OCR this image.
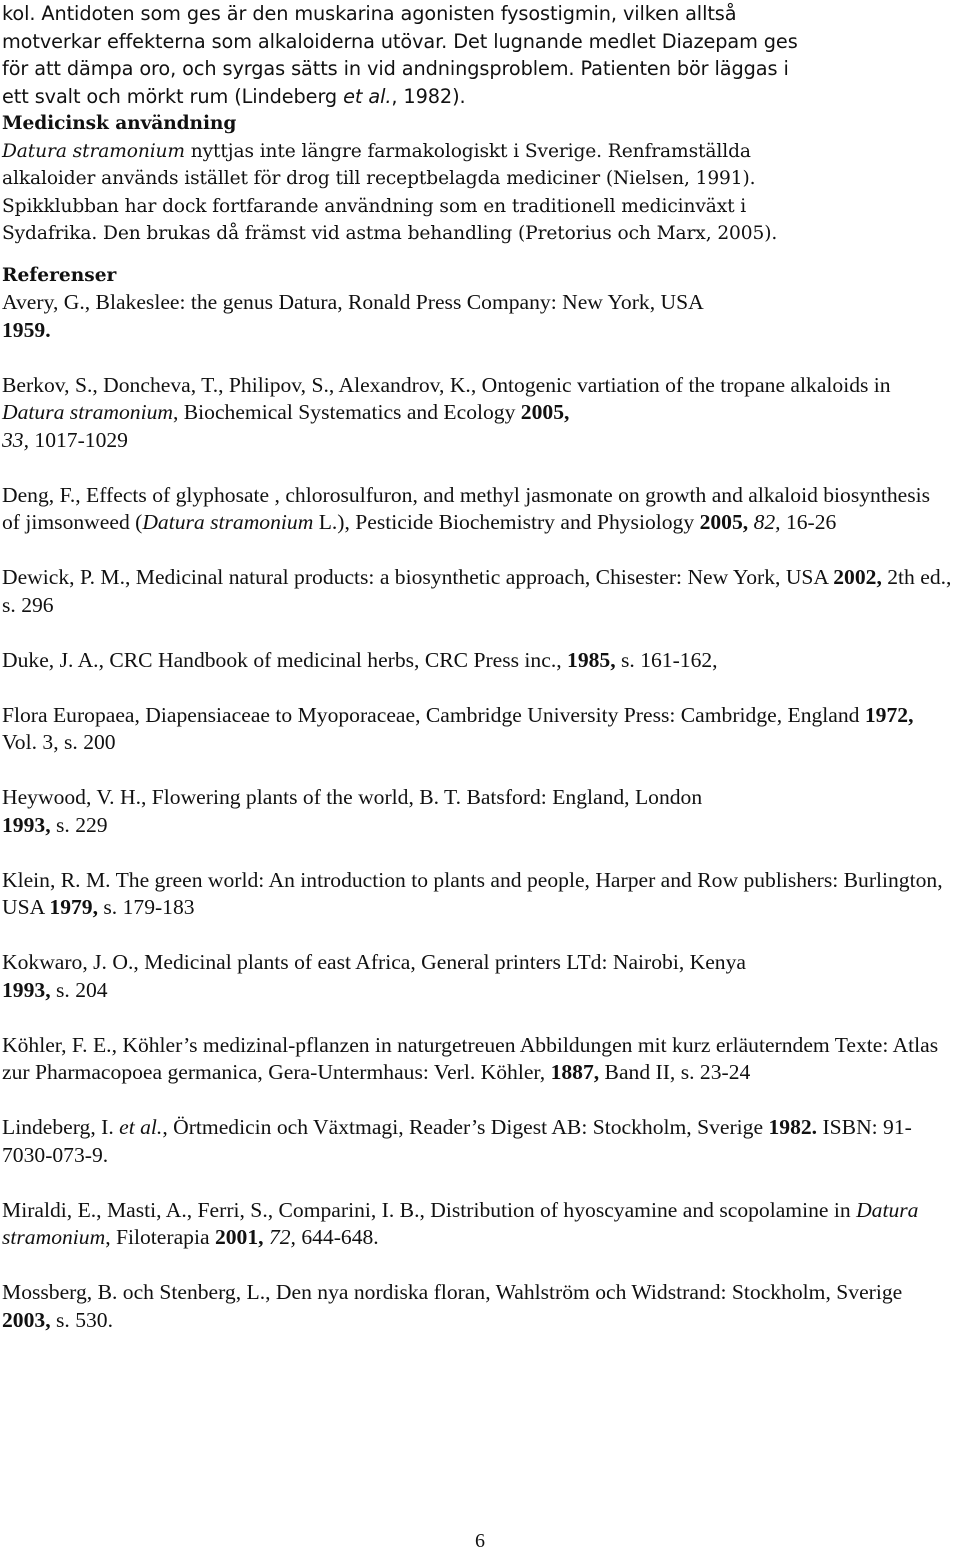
kol. Antidoten som ges är den muskarina agonisten fysostigmin, vilken alltså
motverkar effekterna som alkaloiderna utövar. Det lugnande medlet Diazepam ges
för att dämpa oro, och syrgas sätts in vid andningsproblem. Patienten bör läggas i
ett svalt och mörkt rum (Lindeberg et al., 1982).

Medicinsk användning
Datura stramonium nyttjas inte längre farmakologiskt i Sverige. Renframställda
alkaloider används istället för drog till receptbelagda mediciner (Nielsen, 1991).
Spikklubban har dock fortfarande användning som en traditionell medicinväxt i
Sydafrika. Den brukas då främst vid astma behandling (Pretorius och Marx, 2005).

Referenser

Avery, G., Blakeslee: the genus Datura, Ronald Press Company: New York, USA
1959.

Berkov, S., Doncheva, T., Philipov, S., Alexandrov, K., Ontogenic vartiation of the tropane alkaloids in Datura stramonium, Biochemical Systematics and Ecology 2005,
33, 1017-1029

Deng, F., Effects of glyphosate , chlorosulfuron, and methyl jasmonate on growth and alkaloid biosynthesis of jimsonweed (Datura stramonium L.), Pesticide Biochemistry and Physiology 2005, 82, 16-26

Dewick, P. M., Medicinal natural products: a biosynthetic approach, Chisester: New York, USA 2002, 2th ed., s. 296

Duke, J. A., CRC Handbook of medicinal herbs, CRC Press inc., 1985, s. 161-162,

Flora Europaea, Diapensiaceae to Myoporaceae, Cambridge University Press: Cambridge, England 1972, Vol. 3, s. 200

Heywood, V. H., Flowering plants of the world, B. T. Batsford: England, London
1993, s. 229

Klein, R. M. The green world: An introduction to plants and people, Harper and Row publishers: Burlington, USA 1979, s. 179-183

Kokwaro, J. O., Medicinal plants of east Africa, General printers LTd: Nairobi, Kenya
1993, s. 204

Köhler, F. E., Köhler’s medizinal-pflanzen in naturgetreuen Abbildungen mit kurz erläuterndem Texte: Atlas zur Pharmacopoea germanica, Gera-Untermhaus: Verl. Köhler, 1887, Band II, s. 23-24

Lindeberg, I. et al., Örtmedicin och Växtmagi, Reader’s Digest AB: Stockholm, Sverige 1982. ISBN: 91-7030-073-9.

Miraldi, E., Masti, A., Ferri, S., Comparini, I. B., Distribution of hyoscyamine and scopolamine in Datura stramonium, Filoterapia 2001, 72, 644-648.

Mossberg, B. och Stenberg, L., Den nya nordiska floran, Wahlström och Widstrand: Stockholm, Sverige 2003, s. 530.

6
